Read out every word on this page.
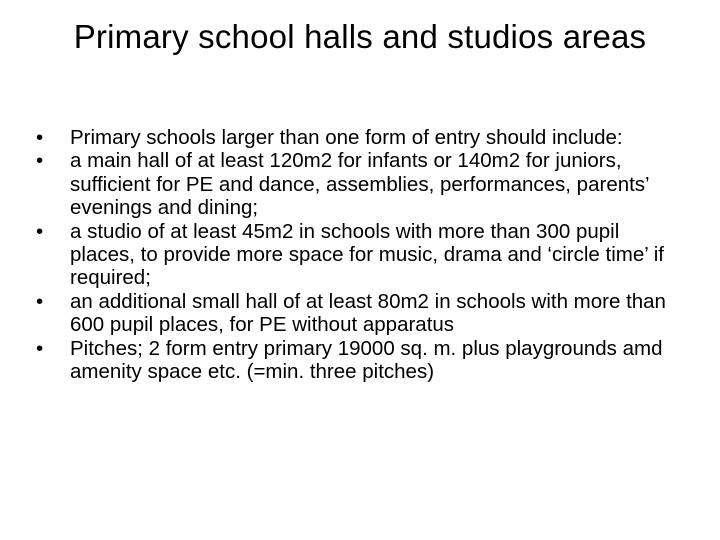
Primary school halls and studios areas
•	Primary schools larger than one form of entry should include:
•	a main hall of at least 120m2 for infants or 140m2 for juniors, sufficient for PE and dance, assemblies, performances, parents’ evenings and dining;
•	a studio of at least 45m2 in schools with more than 300 pupil places, to provide more space for music, drama and ‘circle time’ if required;
•	an additional small hall of at least 80m2 in schools with more than 600 pupil places, for PE without apparatus
•	Pitches; 2 form entry primary 19000 sq. m. plus playgrounds amd amenity space etc. (=min. three pitches)
